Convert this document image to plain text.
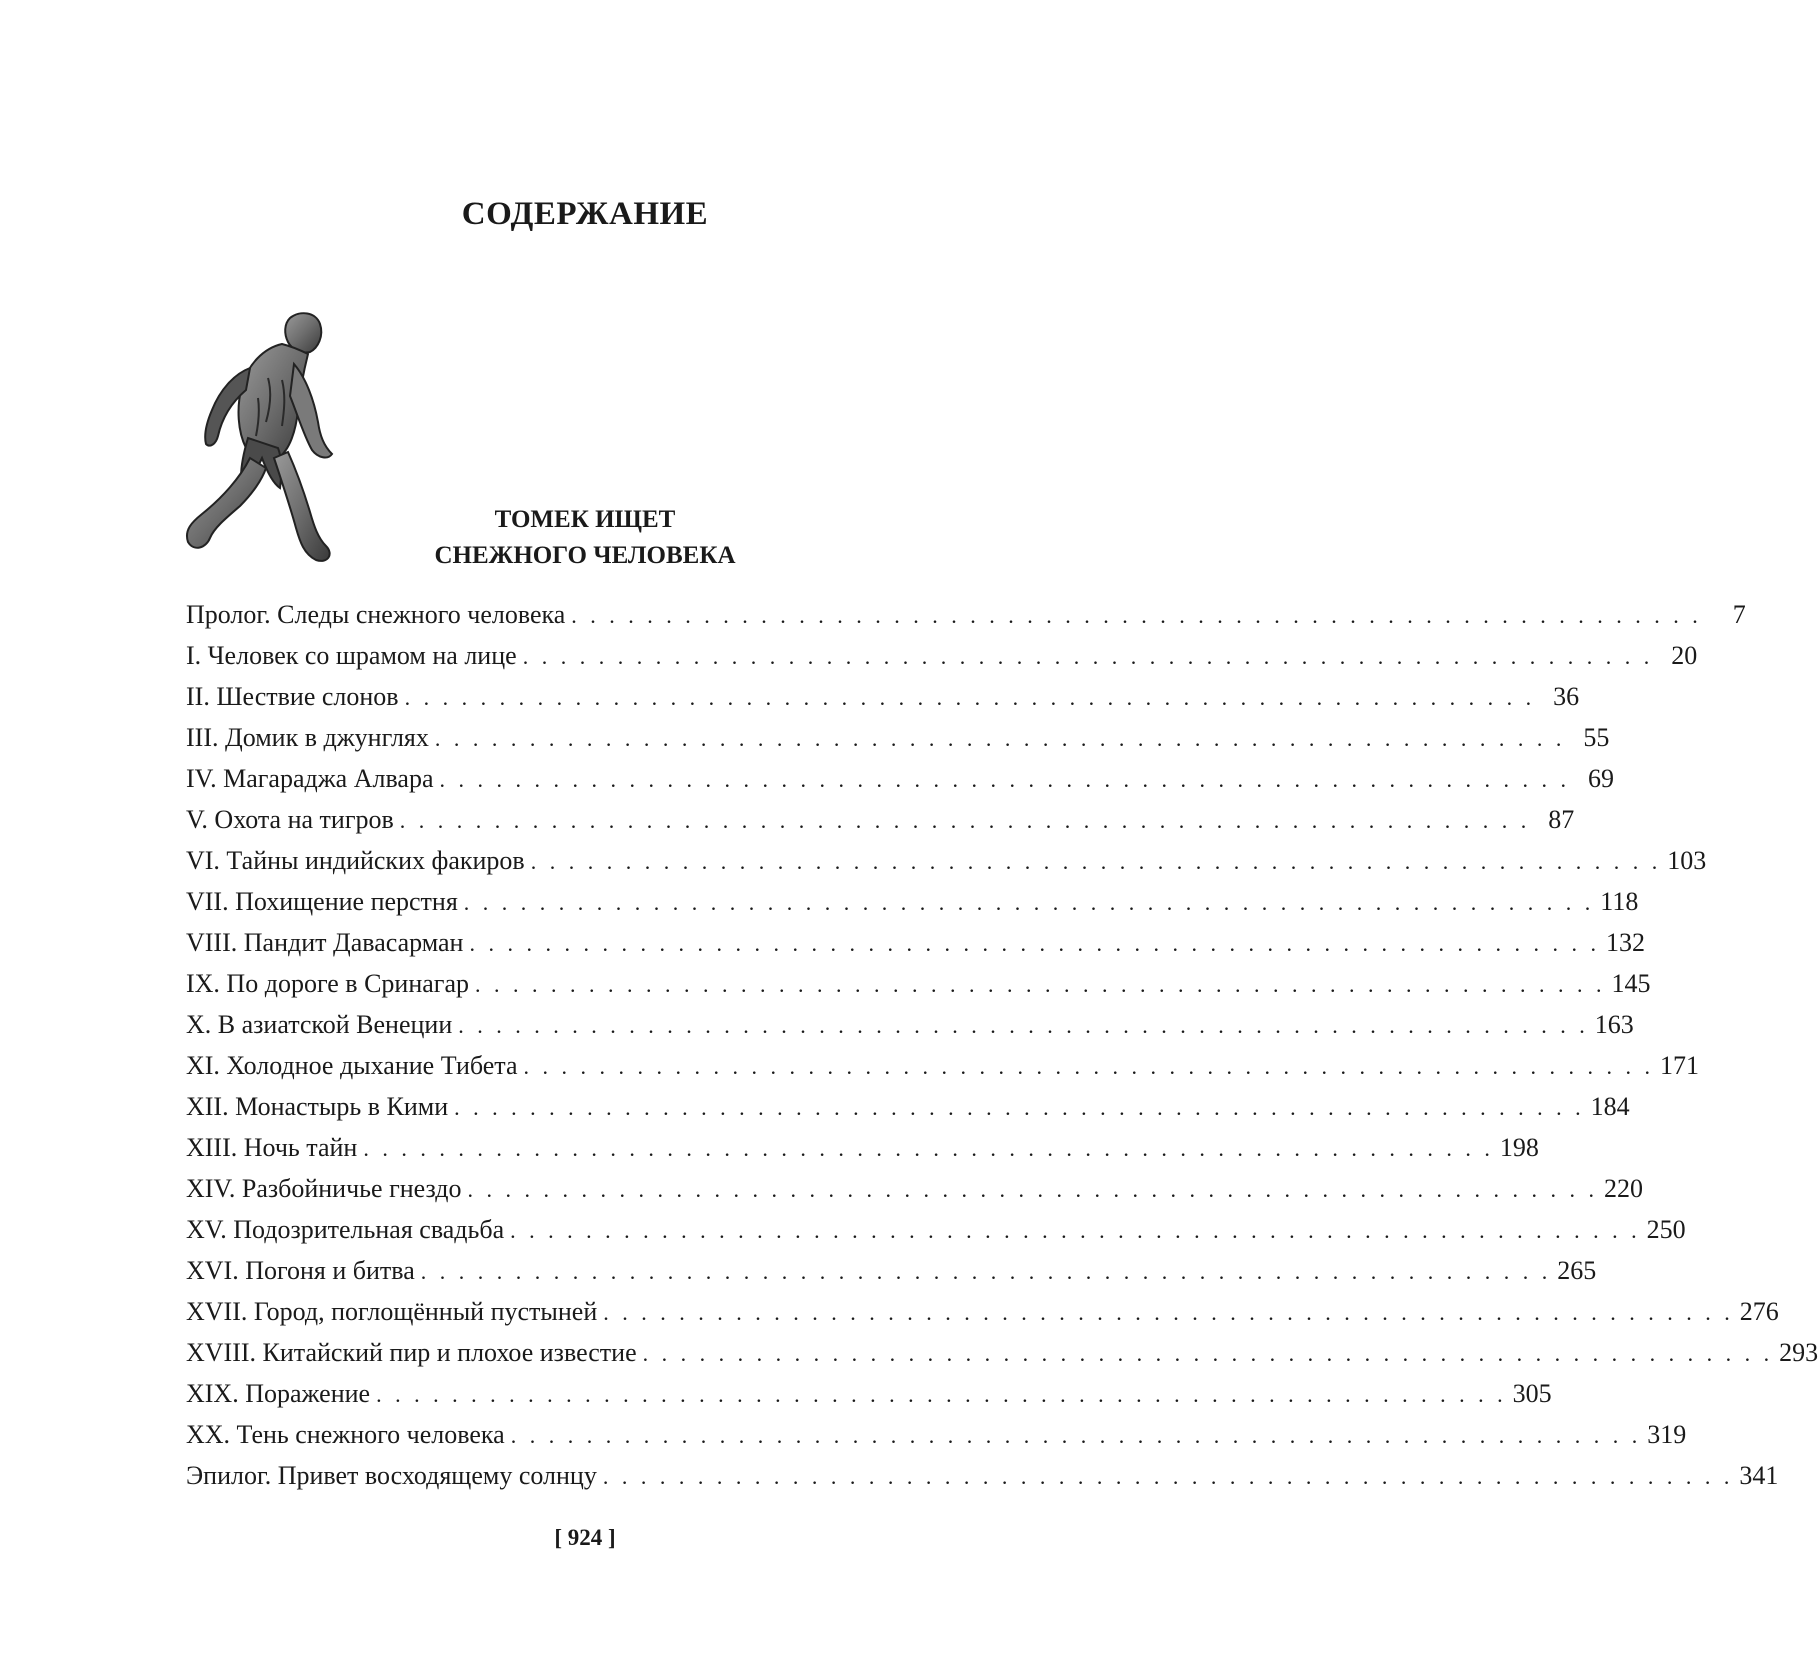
СОДЕРЖАНИЕ
ТОМЕК ИЩЕТ
СНЕЖНОГО ЧЕЛОВЕКА
Пролог. Следы снежного человека . . . . . . . . . . . . . . . . . . . . . . . . . . . . . . . . . . . . . . . . . . . . . . . . . . . . . . . . . . . .	7
I. Человек со шрамом на лице . . . . . . . . . . . . . . . . . . . . . . . . . . . . . . . . . . . . . . . . . . . . . . . . . . . . . . . . . . . . 20
II. Шествие слонов . . . . . . . . . . . . . . . . . . . . . . . . . . . . . . . . . . . . . . . . . . . . . . . . . . . . . . . . . . . . 36
III. Домик в джунглях . . . . . . . . . . . . . . . . . . . . . . . . . . . . . . . . . . . . . . . . . . . . . . . . . . . . . . . . . . . . 55
IV. Магараджа Алвара . . . . . . . . . . . . . . . . . . . . . . . . . . . . . . . . . . . . . . . . . . . . . . . . . . . . . . . . . . . . 69
V. Охота на тигров . . . . . . . . . . . . . . . . . . . . . . . . . . . . . . . . . . . . . . . . . . . . . . . . . . . . . . . . . . . . 87
VI. Тайны индийских факиров . . . . . . . . . . . . . . . . . . . . . . . . . . . . . . . . . . . . . . . . . . . . . . . . . . . . . . . . . . . . 103
VII. Похищение перстня . . . . . . . . . . . . . . . . . . . . . . . . . . . . . . . . . . . . . . . . . . . . . . . . . . . . . . . . . . . . 118
VIII. Пандит Давасарман . . . . . . . . . . . . . . . . . . . . . . . . . . . . . . . . . . . . . . . . . . . . . . . . . . . . . . . . . . . . 132
IX. По дороге в Сринагар . . . . . . . . . . . . . . . . . . . . . . . . . . . . . . . . . . . . . . . . . . . . . . . . . . . . . . . . . . . . 145
X. В азиатской Венеции . . . . . . . . . . . . . . . . . . . . . . . . . . . . . . . . . . . . . . . . . . . . . . . . . . . . . . . . . . . . 163
XI. Холодное дыхание Тибета . . . . . . . . . . . . . . . . . . . . . . . . . . . . . . . . . . . . . . . . . . . . . . . . . . . . . . . . . . . . 171
XII. Монастырь в Кими . . . . . . . . . . . . . . . . . . . . . . . . . . . . . . . . . . . . . . . . . . . . . . . . . . . . . . . . . . . . 184
XIII. Ночь тайн . . . . . . . . . . . . . . . . . . . . . . . . . . . . . . . . . . . . . . . . . . . . . . . . . . . . . . . . . . . . 198
XIV. Разбойничье гнездо . . . . . . . . . . . . . . . . . . . . . . . . . . . . . . . . . . . . . . . . . . . . . . . . . . . . . . . . . . . . 220
XV. Подозрительная свадьба . . . . . . . . . . . . . . . . . . . . . . . . . . . . . . . . . . . . . . . . . . . . . . . . . . . . . . . . . . . . 250
XVI. Погоня и битва . . . . . . . . . . . . . . . . . . . . . . . . . . . . . . . . . . . . . . . . . . . . . . . . . . . . . . . . . . . . 265
XVII. Город, поглощённый пустыней . . . . . . . . . . . . . . . . . . . . . . . . . . . . . . . . . . . . . . . . . . . . . . . . . . . . . . . . . . . . 276
XVIII. Китайский пир и плохое известие . . . . . . . . . . . . . . . . . . . . . . . . . . . . . . . . . . . . . . . . . . . . . . . . . . . . . . . . . . . . 293
XIX. Поражение . . . . . . . . . . . . . . . . . . . . . . . . . . . . . . . . . . . . . . . . . . . . . . . . . . . . . . . . . . . . 305
XX. Тень снежного человека . . . . . . . . . . . . . . . . . . . . . . . . . . . . . . . . . . . . . . . . . . . . . . . . . . . . . . . . . . . . 319
Эпилог. Привет восходящему солнцу . . . . . . . . . . . . . . . . . . . . . . . . . . . . . . . . . . . . . . . . . . . . . . . . . . . . . . . . . . . . 341
[ 924 ]
